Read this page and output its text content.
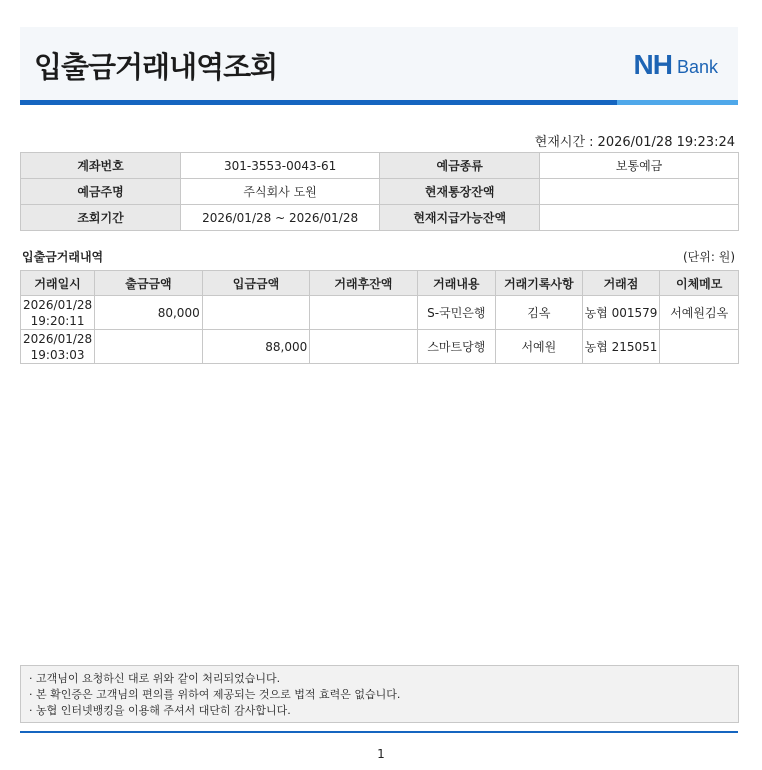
입출금거래내역조회	NH Bank
현재시간 : 2026/01/28 19:23:24
계좌번호	301-3553-0043-61	예금종류	보통예금
예금주명	주식회사 도원	현재통장잔액	
조회기간	2026/01/28 ~ 2026/01/28	현재지급가능잔액	
입출금거래내역	(단위: 원)
거래일시	출금금액	입금금액	거래후잔액	거래내용	거래기록사항	거래점	이체메모

2026/01/28
19:20:11	80,000			S-국민은행	김옥	농협 001579	서예원김옥

2026/01/28
19:03:03		88,000		스마트당행	서예원	농협 215051	
· 고객님이 요청하신 대로 위와 같이 처리되었습니다.
· 본 확인증은 고객님의 편의를 위하여 제공되는 것으로 법적 효력은 없습니다.
· 농협 인터넷뱅킹을 이용해 주셔서 대단히 감사합니다.
1
